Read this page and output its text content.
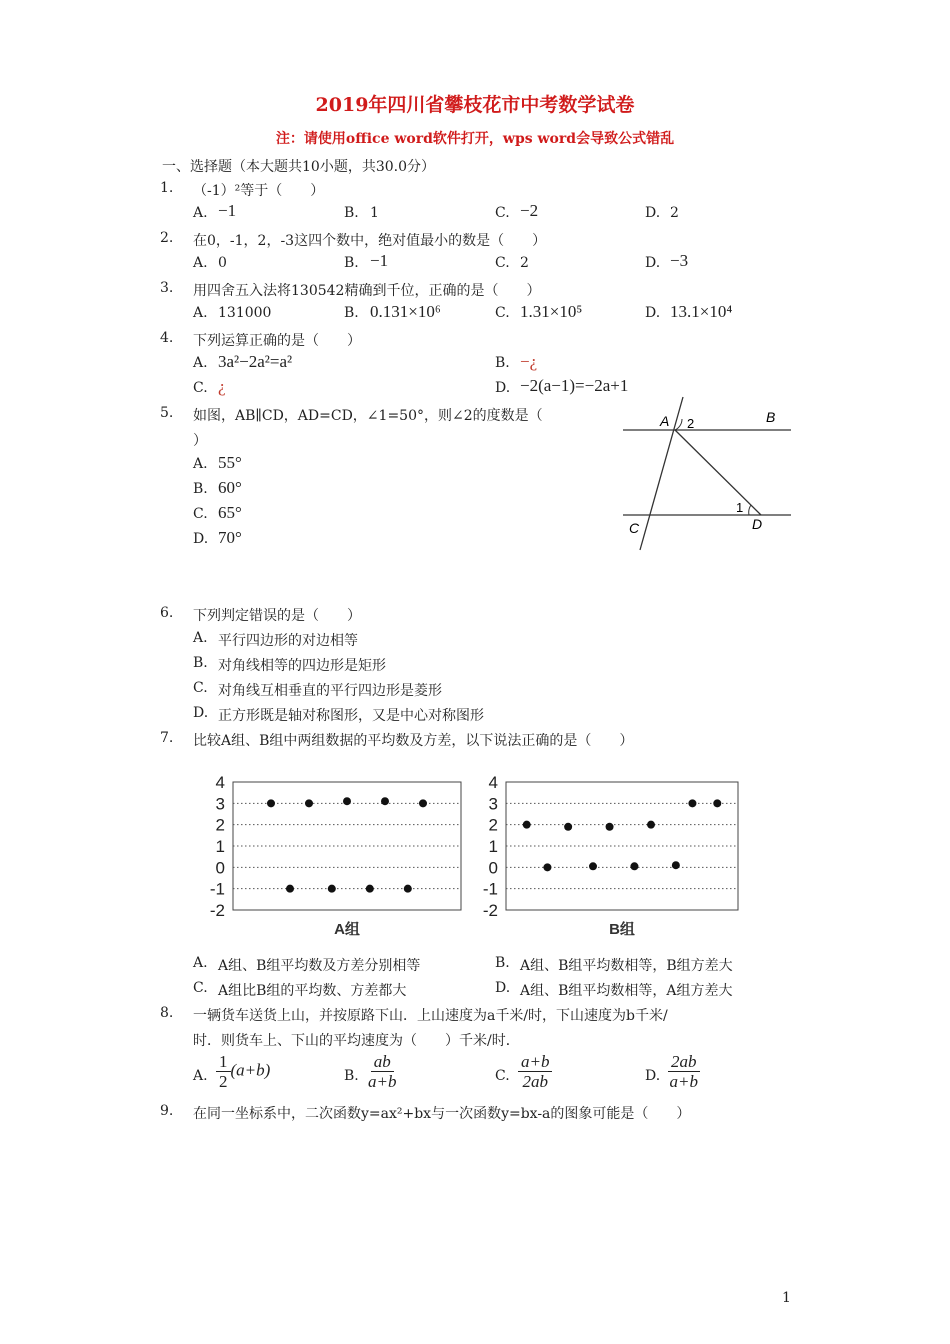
2019年四川省攀枝花市中考数学试卷
注：请使用office word软件打开，wps word会导致公式错乱
一、选择题（本大题共10小题，共30.0分）
1. （-1）²等于（　　）
A. −1	B. 1	C. −2	D. 2
2. 在0，-1，2，-3这四个数中，绝对值最小的数是（　　）
A. 0	B. −1	C. 2	D. −3
3. 用四舍五入法将130542精确到千位，正确的是（　　）
A. 131000	B. 0.131×10⁶	C. 1.31×10⁵	D. 13.1×10⁴
4. 下列运算正确的是（　　）
A. 3a²−2a²=a²	B. −¿
C. ¿	D. −2(a−1)=−2a+1
5. 如图，AB∥CD，AD=CD，∠1=50°，则∠2的度数是（
）
A. 55°
B. 60°
C. 65°
D. 70°
A 2	B
C	D
1
6. 下列判定错误的是（　　）
A. 平行四边形的对边相等
B. 对角线相等的四边形是矩形
C. 对角线互相垂直的平行四边形是菱形
D. 正方形既是轴对称图形，又是中心对称图形
7. 比较A组、B组中两组数据的平均数及方差，以下说法正确的是（　　）
4
3
2
1
0
-1
-2
A组
4
3
2
1
0
-1
-2
B组
A. A组、B组平均数及方差分别相等	B. A组、B组平均数相等，B组方差大
C. A组比B组的平均数、方差都大	D. A组、B组平均数相等，A组方差大
8. 一辆货车送货上山，并按原路下山．上山速度为a千米/时，下山速度为b千米/
时．则货车上、下山的平均速度为（　　）千米/时．
A. $\frac{1}{2} (a+b)$	B. $\frac{ab}{a+b}$	C. $\frac{a+b}{2ab}$	D. $\frac{2ab}{a+b}$
9. 在同一坐标系中，二次函数y=ax²+bx与一次函数y=bx-a的图象可能是（　　）
1
